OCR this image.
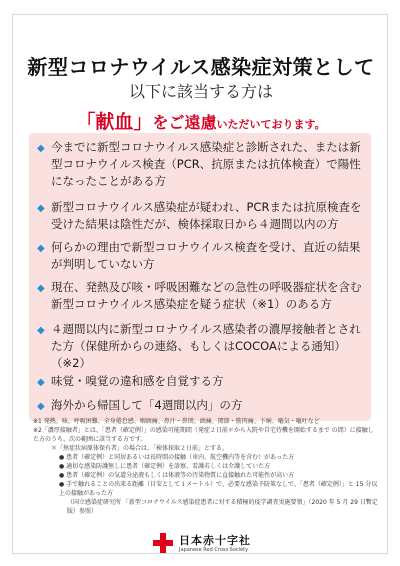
新型コロナウイルス感染症対策として
以下に該当する方は
「献血」をご遠慮いただいております。
◆ 今までに新型コロナウイルス感染症と診断された、または新型コロナウイルス検査（PCR、抗原または抗体検査）で陽性になったことがある方
◆ 新型コロナウイルス感染症が疑われ、PCRまたは抗原検査を受けた結果は陰性だが、検体採取日から４週間以内の方
◆ 何らかの理由で新型コロナウイルス検査を受け、直近の結果が判明していない方
◆ 現在、発熱及び咳・呼吸困難などの急性の呼吸器症状を含む新型コロナウイルス感染症を疑う症状（※1）のある方
◆ ４週間以内に新型コロナウイルス感染者の濃厚接触者とされた方（保健所からの連絡、もしくはCOCOAによる通知）（※2）
◆ 味覚・嗅覚の違和感を自覚する方
◆ 海外から帰国して「4週間以内」の方
※1 発熱、咳、呼吸困難、全身倦怠感、咽頭痛、鼻汁・鼻閉、頭痛、関節・筋肉痛、下痢、嘔気・嘔吐など
※2「濃厚接触者」とは、「患者（確定例）」の感染可能期間（発症２日前＊から入院や自宅待機を開始するまで の間）に接触した方のうち、次の範囲に該当する方です。
＊「無症状病原体保有者」の場合は、「検体採取２日前」とする。
● 患者（確定例）と同居あるいは長時間の接触（車内、航空機内等を含む）があった方
● 適切な感染防護無しに患者（確定例）を診察、看護若しくは介護していた方
● 患者（確定例）の気道分泌液もしくは体液等の汚染物質に直接触れた可能性が高い方
● 手で触れることの出来る距離（目安として１メートル）で、必要な感染予防策なしで、「患者（確定例）」と 15 分以上の接触があった方
（国立感染症研究所 「新型コロナウイルス感染症患者に対する積極的疫学調査実施要領」（2020 年 5 月 29 日暫定版）参照）
日本赤十字社
Japanese Red Cross Society
